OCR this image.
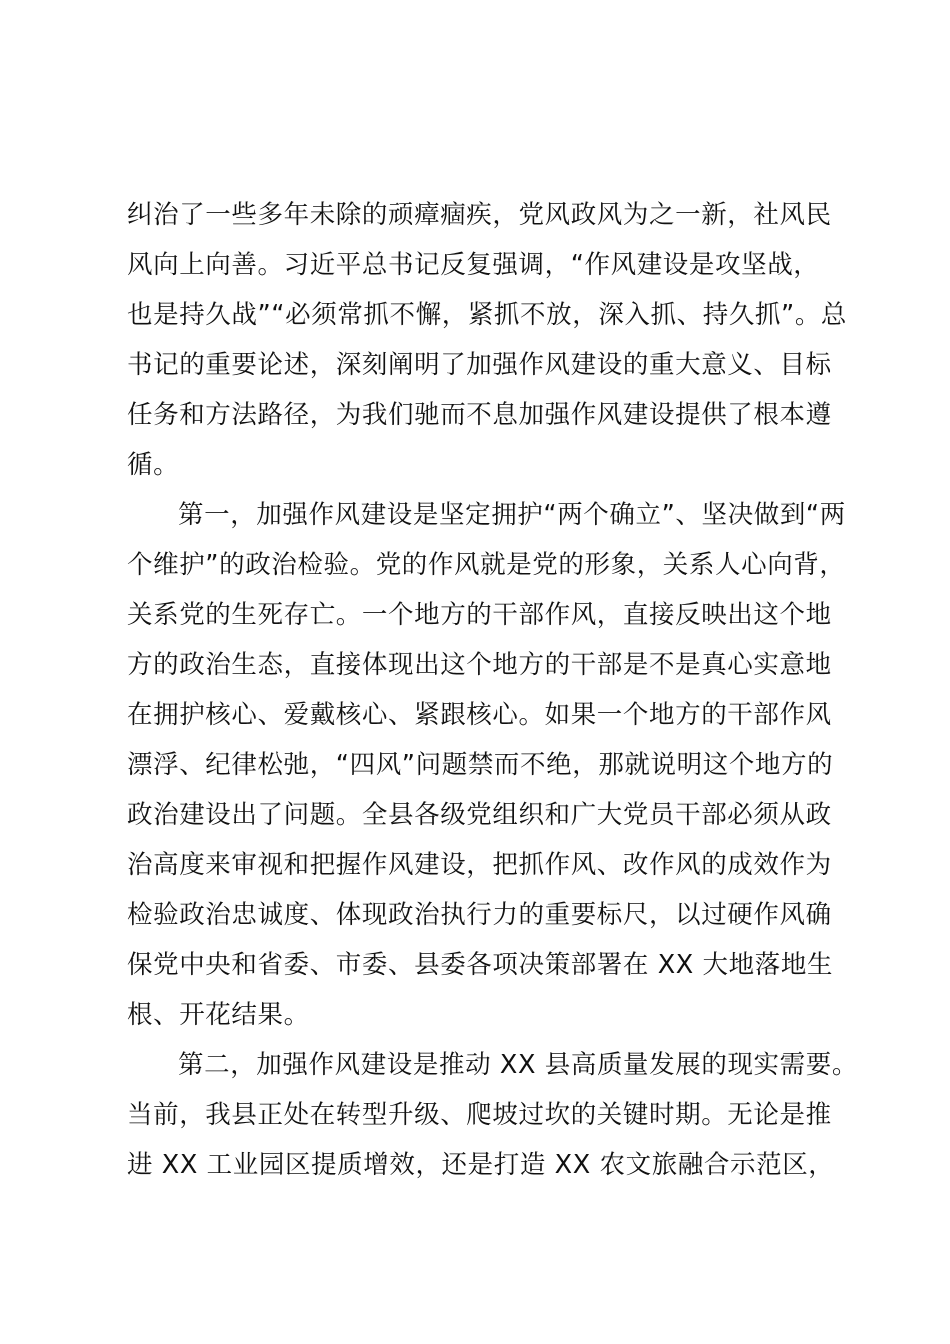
纠治了一些多年未除的顽瘴痼疾，党风政风为之一新，社风民
风向上向善。习近平总书记反复强调，“作风建设是攻坚战，
也是持久战”“必须常抓不懈，紧抓不放，深入抓、持久抓”。总
书记的重要论述，深刻阐明了加强作风建设的重大意义、目标
任务和方法路径，为我们驰而不息加强作风建设提供了根本遵
循。
第一，加强作风建设是坚定拥护“两个确立”、坚决做到“两
个维护”的政治检验。党的作风就是党的形象，关系人心向背，
关系党的生死存亡。一个地方的干部作风，直接反映出这个地
方的政治生态，直接体现出这个地方的干部是不是真心实意地
在拥护核心、爱戴核心、紧跟核心。如果一个地方的干部作风
漂浮、纪律松弛，“四风”问题禁而不绝，那就说明这个地方的
政治建设出了问题。全县各级党组织和广大党员干部必须从政
治高度来审视和把握作风建设，把抓作风、改作风的成效作为
检验政治忠诚度、体现政治执行力的重要标尺，以过硬作风确
保党中央和省委、市委、县委各项决策部署在 XX 大地落地生
根、开花结果。
第二，加强作风建设是推动 XX 县高质量发展的现实需要。
当前，我县正处在转型升级、爬坡过坎的关键时期。无论是推
进 XX 工业园区提质增效，还是打造 XX 农文旅融合示范区，
